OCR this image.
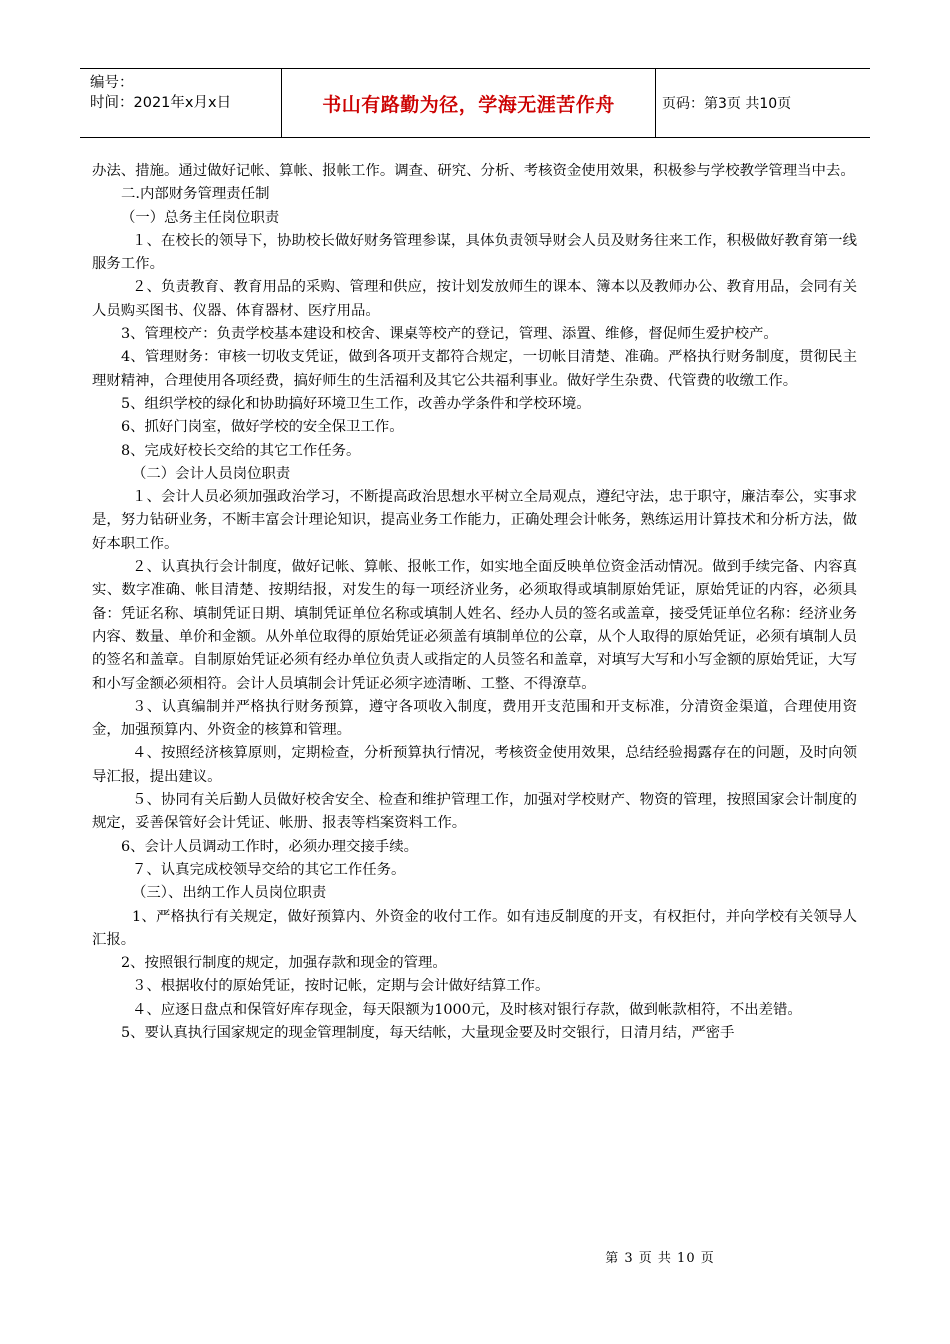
编号：
时间：2021年x月x日	书山有路勤为径，学海无涯苦作舟	页码：第3页 共10页

办法、措施。通过做好记帐、算帐、报帐工作。调查、研究、分析、考核资金使用效果，积极参与学校教学管理当中去。

二.内部财务管理责任制

（一）总务主任岗位职责

１、在校长的领导下，协助校长做好财务管理参谋，具体负责领导财会人员及财务往来工作，积极做好教育第一线服务工作。

２、负责教育、教育用品的采购、管理和供应，按计划发放师生的课本、簿本以及教师办公、教育用品，会同有关人员购买图书、仪器、体育器材、医疗用品。

3、管理校产：负责学校基本建设和校舍、课桌等校产的登记，管理、添置、维修，督促师生爱护校产。

4、管理财务：审核一切收支凭证，做到各项开支都符合规定，一切帐目清楚、准确。严格执行财务制度，贯彻民主理财精神，合理使用各项经费，搞好师生的生活福利及其它公共福利事业。做好学生杂费、代管费的收缴工作。

5、组织学校的绿化和协助搞好环境卫生工作，改善办学条件和学校环境。

6、抓好门岗室，做好学校的安全保卫工作。

8、完成好校长交给的其它工作任务。

（二）会计人员岗位职责

１、会计人员必须加强政治学习，不断提高政治思想水平树立全局观点，遵纪守法，忠于职守，廉洁奉公，实事求是，努力钻研业务，不断丰富会计理论知识，提高业务工作能力，正确处理会计帐务，熟练运用计算技术和分析方法，做好本职工作。

２、认真执行会计制度，做好记帐、算帐、报帐工作，如实地全面反映单位资金活动情况。做到手续完备、内容真实、数字准确、帐目清楚、按期结报，对发生的每一项经济业务，必须取得或填制原始凭证，原始凭证的内容，必须具备：凭证名称、填制凭证日期、填制凭证单位名称或填制人姓名、经办人员的签名或盖章，接受凭证单位名称：经济业务内容、数量、单价和金额。从外单位取得的原始凭证必须盖有填制单位的公章，从个人取得的原始凭证，必须有填制人员的签名和盖章。自制原始凭证必须有经办单位负责人或指定的人员签名和盖章，对填写大写和小写金额的原始凭证，大写和小写金额必须相符。会计人员填制会计凭证必须字迹清晰、工整、不得潦草。

３、认真编制并严格执行财务预算，遵守各项收入制度，费用开支范围和开支标准，分清资金渠道，合理使用资金，加强预算内、外资金的核算和管理。

４、按照经济核算原则，定期检查，分析预算执行情况，考核资金使用效果，总结经验揭露存在的问题，及时向领导汇报，提出建议。

５、协同有关后勤人员做好校舍安全、检查和维护管理工作，加强对学校财产、物资的管理，按照国家会计制度的规定，妥善保管好会计凭证、帐册、报表等档案资料工作。

6、会计人员调动工作时，必须办理交接手续。

７、认真完成校领导交给的其它工作任务。

（三）、出纳工作人员岗位职责

1、严格执行有关规定，做好预算内、外资金的收付工作。如有违反制度的开支，有权拒付，并向学校有关领导人汇报。

2、按照银行制度的规定，加强存款和现金的管理。

３、根据收付的原始凭证，按时记帐，定期与会计做好结算工作。

４、应逐日盘点和保管好库存现金，每天限额为1000元，及时核对银行存款，做到帐款相符，不出差错。

5、要认真执行国家规定的现金管理制度，每天结帐，大量现金要及时交银行，日清月结，严密手

第 3 页 共 10 页
